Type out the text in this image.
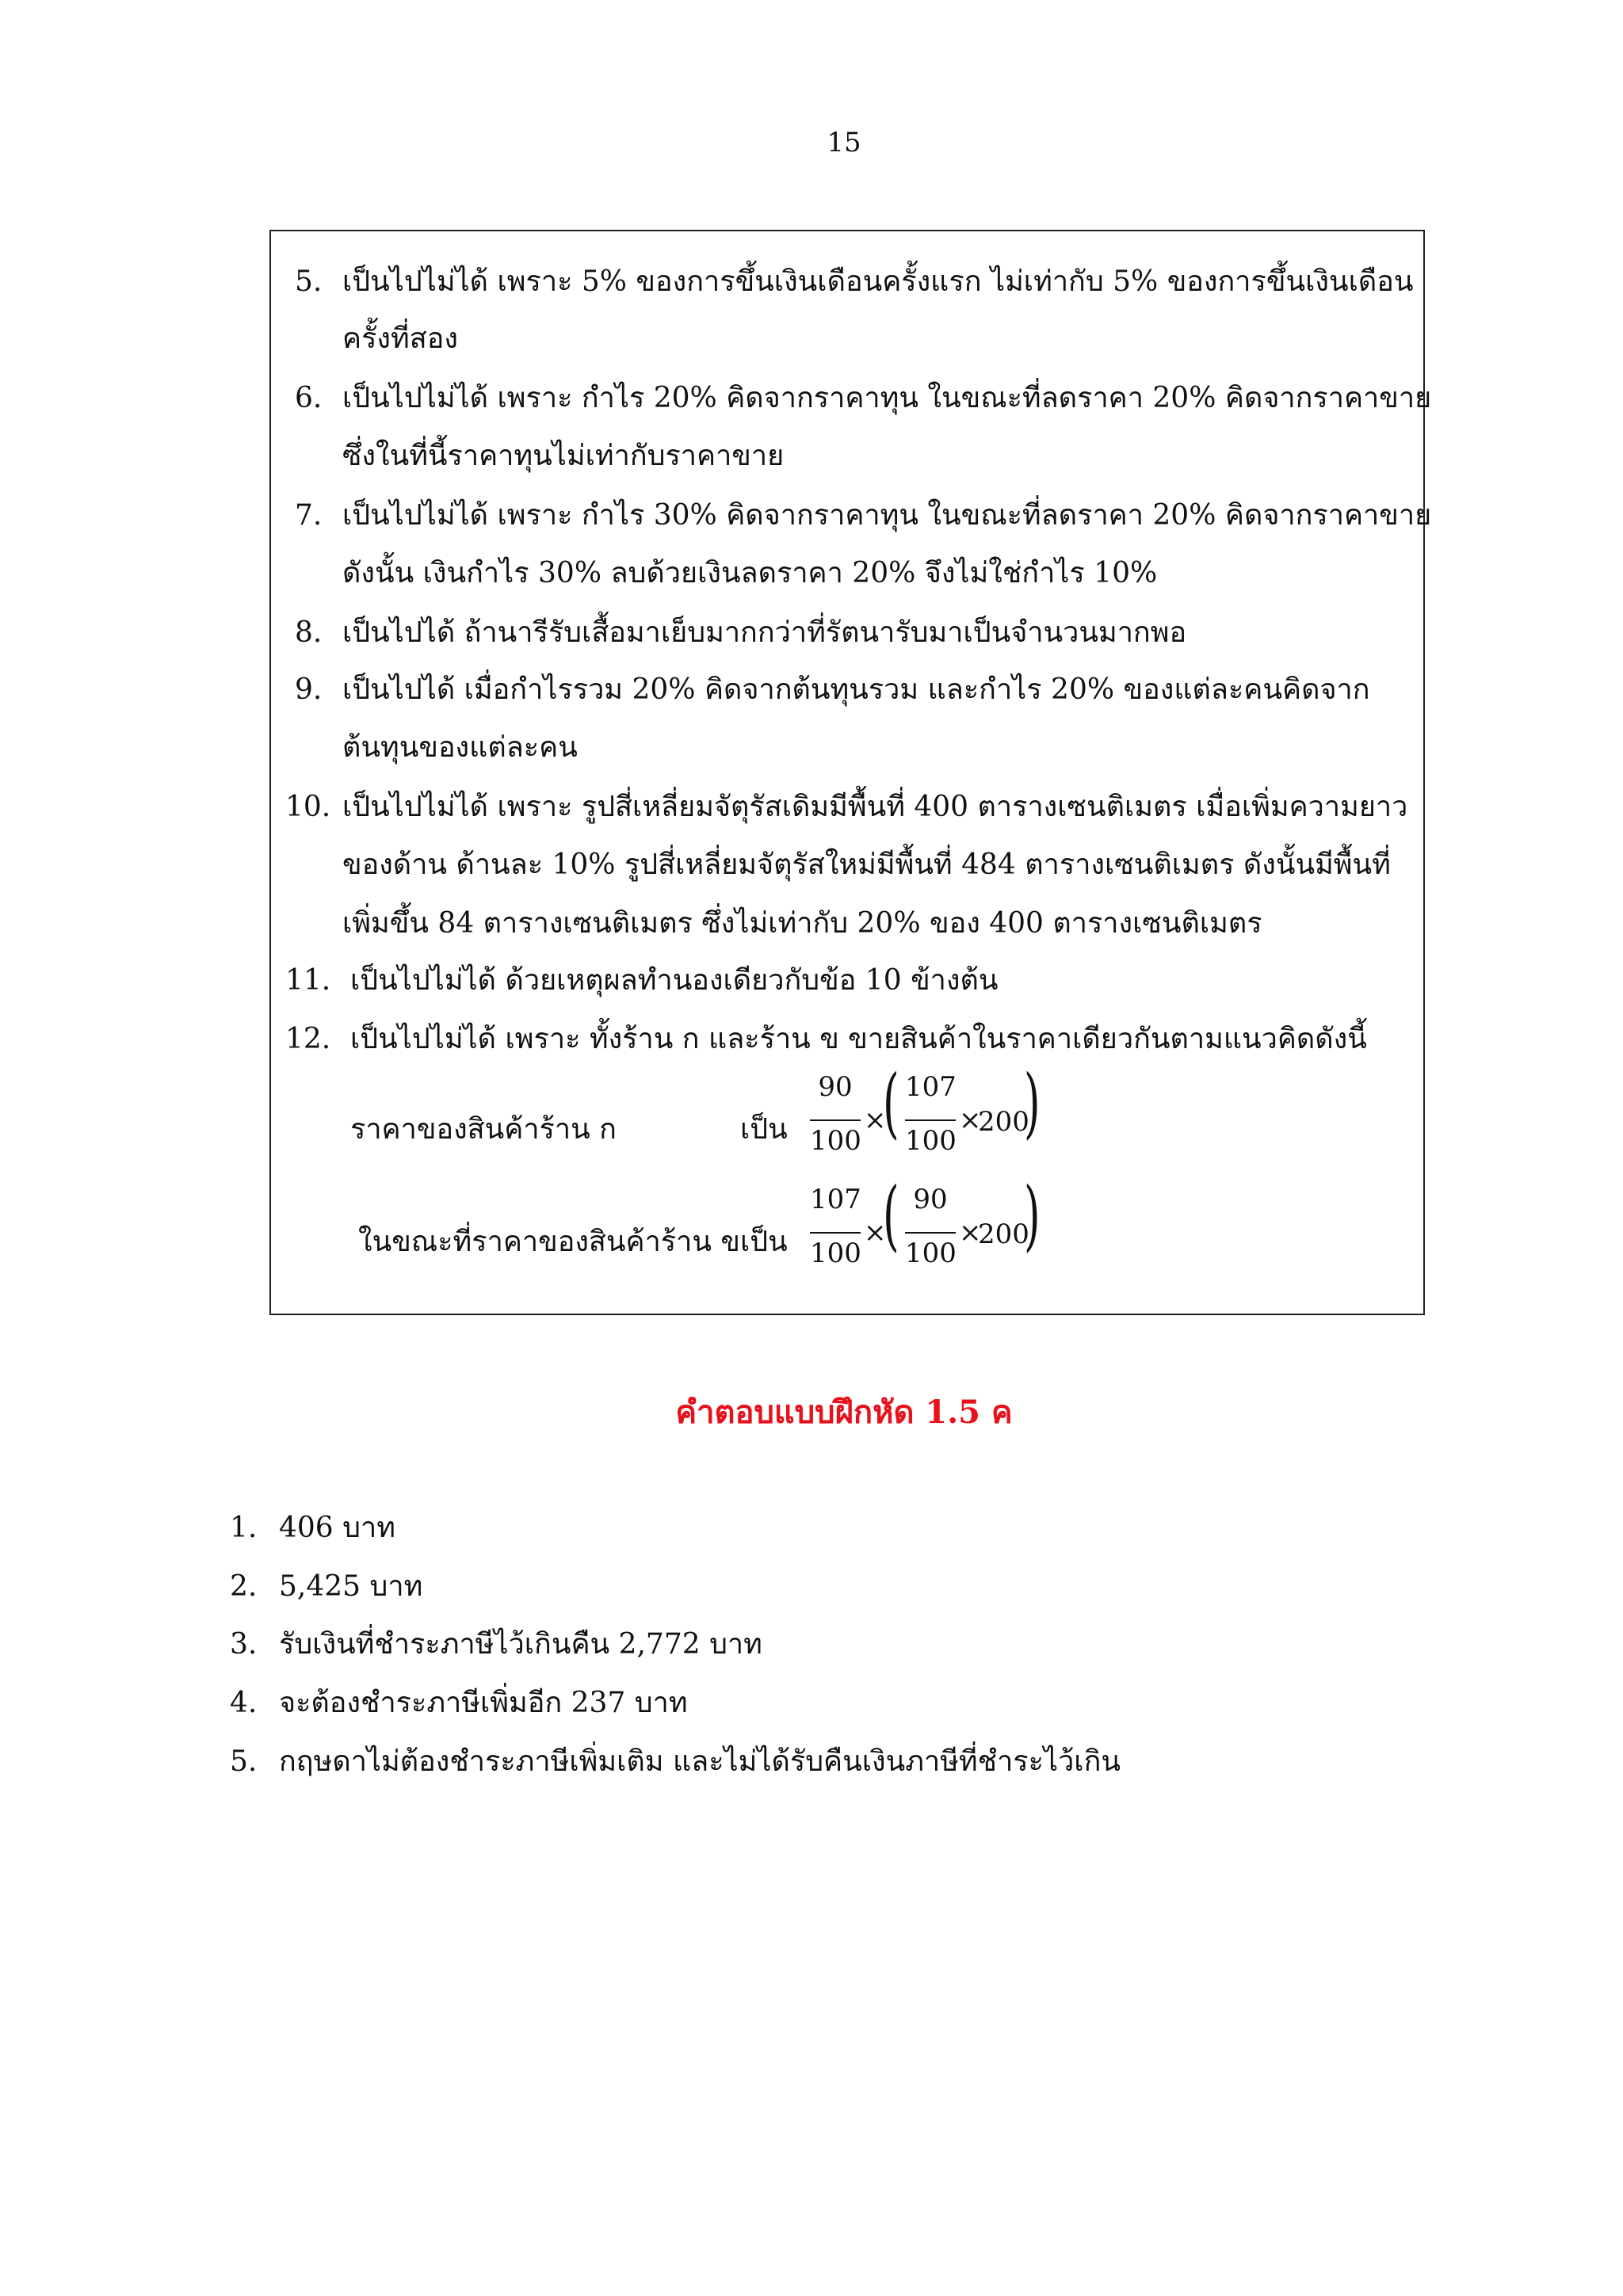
15
5. เป็นไปไม่ได้ เพราะ 5% ของการขึ้นเงินเดือนครั้งแรก ไม่เท่ากับ 5% ของการขึ้นเงินเดือน
ครั้งที่สอง
6. เป็นไปไม่ได้ เพราะ กำไร 20% คิดจากราคาทุน ในขณะที่ลดราคา 20% คิดจากราคาขาย
ซึ่งในที่นี้ราคาทุนไม่เท่ากับราคาขาย
7. เป็นไปไม่ได้ เพราะ กำไร 30% คิดจากราคาทุน ในขณะที่ลดราคา 20% คิดจากราคาขาย
ดังนั้น เงินกำไร 30% ลบด้วยเงินลดราคา 20% จึงไม่ใช่กำไร 10%
8. เป็นไปได้ ถ้านารีรับเสื้อมาเย็บมากกว่าที่รัตนารับมาเป็นจำนวนมากพอ
9. เป็นไปได้ เมื่อกำไรรวม 20% คิดจากต้นทุนรวม และกำไร 20% ของแต่ละคนคิดจาก
ต้นทุนของแต่ละคน
10. เป็นไปไม่ได้ เพราะ รูปสี่เหลี่ยมจัตุรัสเดิมมีพื้นที่ 400 ตารางเซนติเมตร เมื่อเพิ่มความยาว
ของด้าน ด้านละ 10% รูปสี่เหลี่ยมจัตุรัสใหม่มีพื้นที่ 484 ตารางเซนติเมตร ดังนั้นมีพื้นที่
เพิ่มขึ้น 84 ตารางเซนติเมตร ซึ่งไม่เท่ากับ 20% ของ 400 ตารางเซนติเมตร
11. เป็นไปไม่ได้ ด้วยเหตุผลทำนองเดียวกับข้อ 10 ข้างต้น
12. เป็นไปไม่ได้ เพราะ ทั้งร้าน ก และร้าน ข ขายสินค้าในราคาเดียวกันตามแนวคิดดังนี้
ราคาของสินค้าร้าน ก	เป็น
90
100
×
( 107
100
×
200
)
ในขณะที่ราคาของสินค้าร้าน ข เป็น
107
100
×
( 90
100
×
200
)
คำตอบแบบฝึกหัด 1.5 ค
1. 406 บาท
2. 5,425 บาท
3. รับเงินที่ชำระภาษีไว้เกินคืน 2,772 บาท
4. จะต้องชำระภาษีเพิ่มอีก 237 บาท
5. กฤษดาไม่ต้องชำระภาษีเพิ่มเติม และไม่ได้รับคืนเงินภาษีที่ชำระไว้เกิน
